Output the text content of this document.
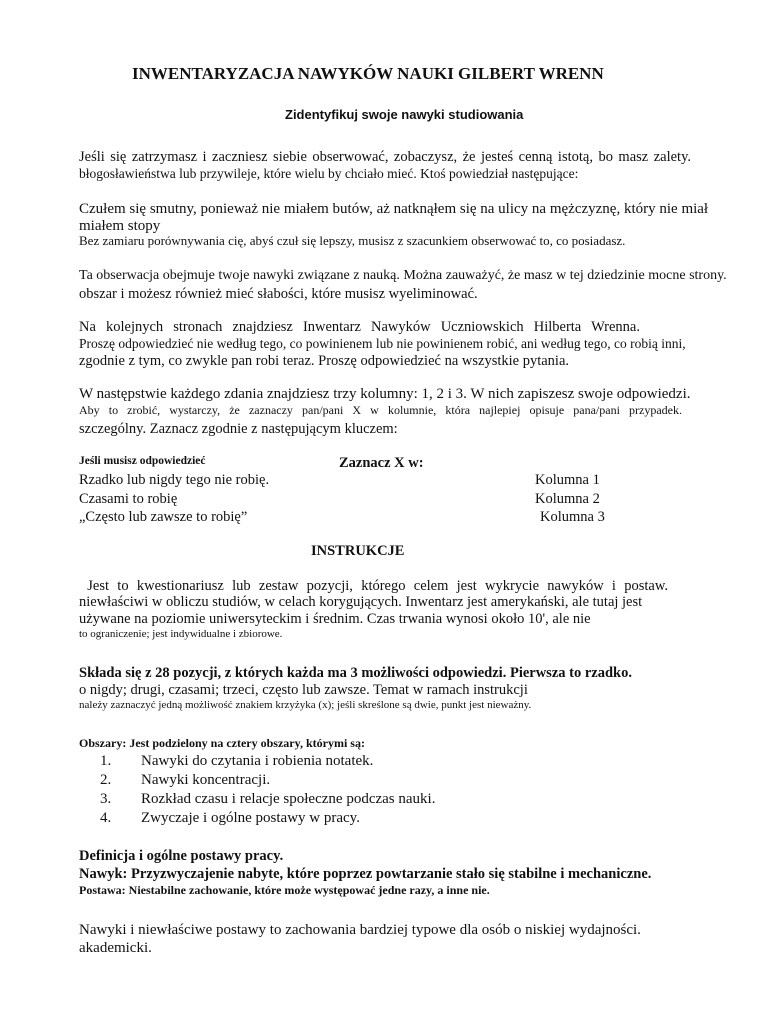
INWENTARYZACJA NAWYKÓW NAUKI GILBERT WRENN
Zidentyfikuj swoje nawyki studiowania
Jeśli się zatrzymasz i zaczniesz siebie obserwować, zobaczysz, że jesteś cenną istotą, bo masz zalety.
błogosławieństwa lub przywileje, które wielu by chciało mieć. Ktoś powiedział następujące:
Czułem się smutny, ponieważ nie miałem butów, aż natknąłem się na ulicy na mężczyznę, który nie miał
miałem stopy
Bez zamiaru porównywania cię, abyś czuł się lepszy, musisz z szacunkiem obserwować to, co posiadasz.
Ta obserwacja obejmuje twoje nawyki związane z nauką. Można zauważyć, że masz w tej dziedzinie mocne strony.
obszar i możesz również mieć słabości, które musisz wyeliminować.
Na kolejnych stronach znajdziesz Inwentarz Nawyków Uczniowskich Hilberta Wrenna.
Proszę odpowiedzieć nie według tego, co powinienem lub nie powinienem robić, ani według tego, co robią inni,
zgodnie z tym, co zwykle pan robi teraz. Proszę odpowiedzieć na wszystkie pytania.
W następstwie każdego zdania znajdziesz trzy kolumny: 1, 2 i 3. W nich zapiszesz swoje odpowiedzi.
Aby to zrobić, wystarczy, że zaznaczy pan/pani X w kolumnie, która najlepiej opisuje pana/pani przypadek.
szczególny. Zaznacz zgodnie z następującym kluczem:
Jeśli musisz odpowiedzieć	Zaznacz X w:
Rzadko lub nigdy tego nie robię.	Kolumna 1
Czasami to robię	Kolumna 2
„Często lub zawsze to robię”	Kolumna 3
INSTRUKCJE
Jest to kwestionariusz lub zestaw pozycji, którego celem jest wykrycie nawyków i postaw.
niewłaściwi w obliczu studiów, w celach korygujących. Inwentarz jest amerykański, ale tutaj jest
używane na poziomie uniwersyteckim i średnim. Czas trwania wynosi około 10', ale nie
to ograniczenie; jest indywidualne i zbiorowe.
Składa się z 28 pozycji, z których każda ma 3 możliwości odpowiedzi. Pierwsza to rzadko.
o nigdy; drugi, czasami; trzeci, często lub zawsze. Temat w ramach instrukcji
należy zaznaczyć jedną możliwość znakiem krzyżyka (x); jeśli skreślone są dwie, punkt jest nieważny.
Obszary: Jest podzielony na cztery obszary, którymi są:
1.	Nawyki do czytania i robienia notatek.
2.	Nawyki koncentracji.
3.	Rozkład czasu i relacje społeczne podczas nauki.
4.	Zwyczaje i ogólne postawy w pracy.
Definicja i ogólne postawy pracy.
Nawyk: Przyzwyczajenie nabyte, które poprzez powtarzanie stało się stabilne i mechaniczne.
Postawa: Niestabilne zachowanie, które może występować jedne razy, a inne nie.
Nawyki i niewłaściwe postawy to zachowania bardziej typowe dla osób o niskiej wydajności.
akademicki.
